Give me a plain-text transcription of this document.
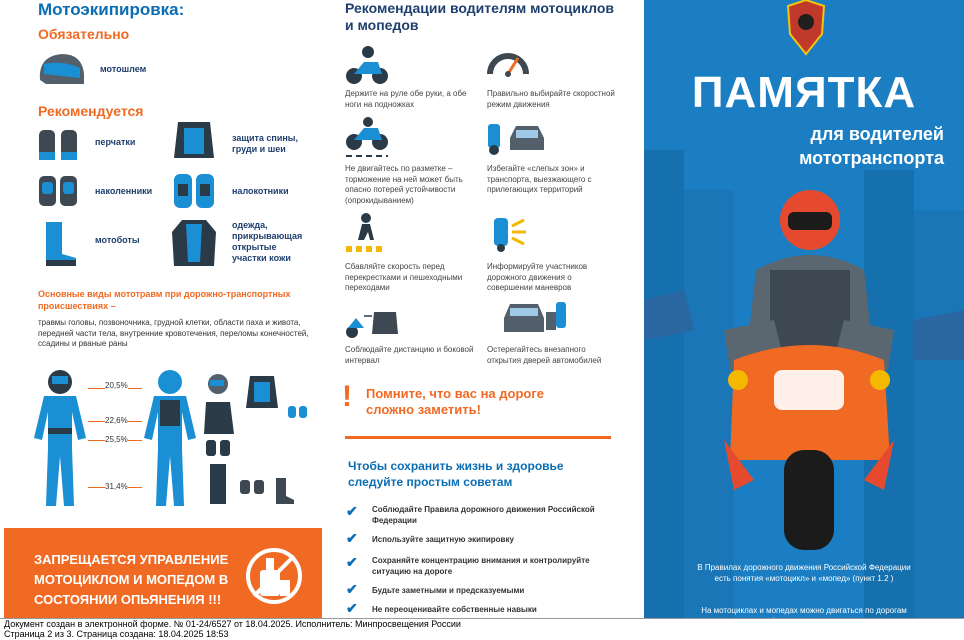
Мотоэкипировка:
Обязательно
мотошлем
Рекомендуется
перчатки	защита спины, груди и шеи
наколенники	налокотники
мотоботы
одежда, прикрывающая открытые участки кожи
Основные виды мототравм при дорожно-транспортных происшествиях –
травмы головы, позвоночника, грудной клетки, области паха и живота, передней части тела, внутренние кровотечения, переломы конечностей, ссадины и рваные раны
20,5%
22,6%
25,5%
31,4%
ЗАПРЕЩАЕТСЯ УПРАВЛЕНИЕ МОТОЦИКЛОМ И МОПЕДОМ В СОСТОЯНИИ ОПЬЯНЕНИЯ !!!
Рекомендации водителям мотоциклов и мопедов
Держите на руле обе руки, а обе ноги на подножках
Правильно выбирайте скоростной режим движения
Не двигайтесь по разметке – торможение на ней может быть опасно потерей устойчивости (опрокидыванием)
Избегайте «слепых зон» и транспорта, выезжающего с прилегающих территорий
Сбавляйте скорость перед перекрестками и пешеходными переходами
Информируйте участников дорожного движения о совершении маневров
Соблюдайте дистанцию и боковой интервал
Остерегайтесь внезапного открытия дверей автомобилей
! Помните, что вас на дороге сложно заметить!
Чтобы сохранить жизнь и здоровье следуйте простым советам
✔ Соблюдайте Правила дорожного движения Российской Федерации
✔ Используйте защитную экипировку
✔ Сохраняйте концентрацию внимания и контролируйте ситуацию на дороге
✔ Будьте заметными и предсказуемыми
✔ Не переоценивайте собственные навыки
ПАМЯТКА
для водителей мототранспорта
В Правилах дорожного движения Российской Федерации есть понятия «мотоцикл» и «мопед» (пункт 1.2 )
На мотоциклах и мопедах можно двигаться по дорогам
Документ создан в электронной форме. № 01-24/6527 от 18.04.2025. Исполнитель: Минпросвещения России
Страница 2 из 3. Страница создана: 18.04.2025 18:53
